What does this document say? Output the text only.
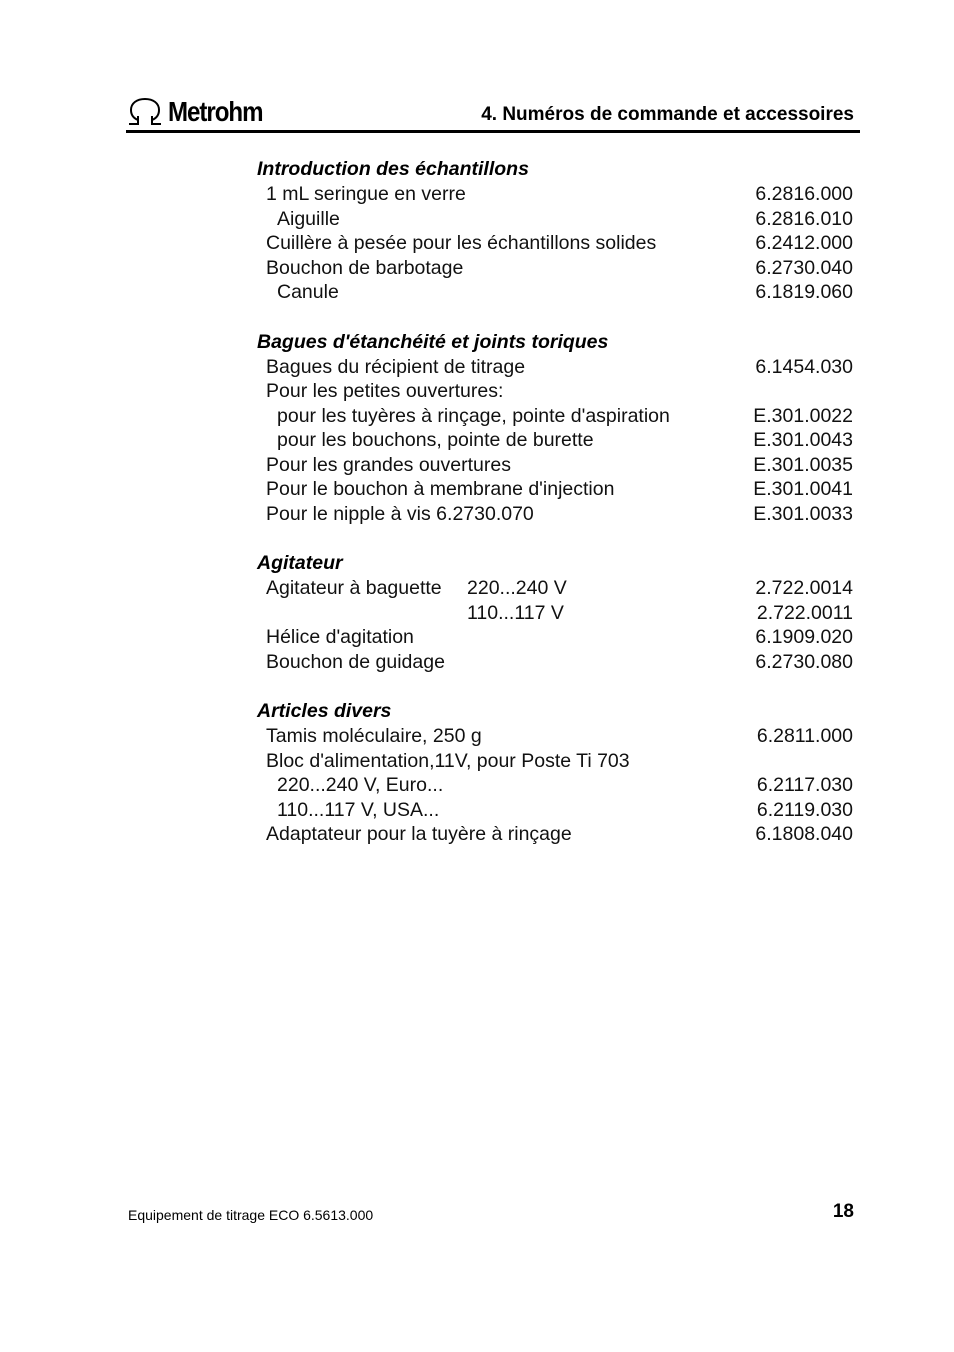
Metrohm	4. Numéros de commande et accessoires
Introduction des échantillons
1 mL seringue en verre	6.2816.000
Aiguille	6.2816.010
Cuillère à pesée pour les échantillons solides	6.2412.000
Bouchon de barbotage	6.2730.040
Canule	6.1819.060
Bagues d'étanchéité et joints toriques
Bagues du récipient de titrage	6.1454.030
Pour les petites ouvertures:
pour les tuyères à rinçage, pointe d'aspiration	E.301.0022
pour les bouchons, pointe de burette	E.301.0043
Pour les grandes ouvertures	E.301.0035
Pour le bouchon à membrane d'injection	E.301.0041
Pour le nipple à vis 6.2730.070	E.301.0033
Agitateur
Agitateur à baguette 220...240 V	2.722.0014
110...117 V	2.722.0011
Hélice d'agitation	6.1909.020
Bouchon de guidage	6.2730.080
Articles divers
Tamis moléculaire, 250 g	6.2811.000
Bloc d'alimentation,11V, pour Poste Ti 703
220...240 V, Euro...	6.2117.030
110...117 V, USA...	6.2119.030
Adaptateur pour la tuyère à rinçage	6.1808.040
Equipement de titrage ECO 6.5613.000	18
